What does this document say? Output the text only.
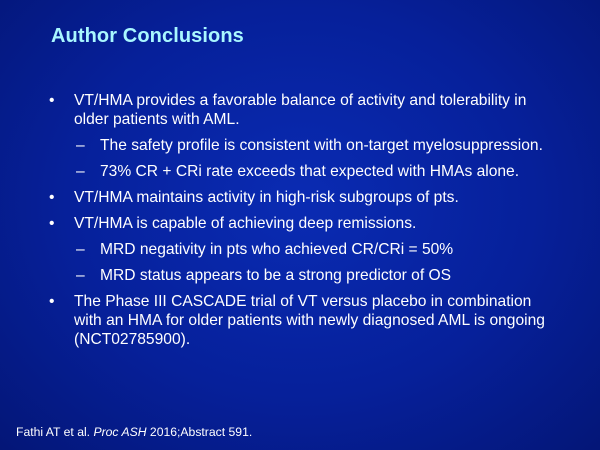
Author Conclusions
• VT/HMA provides a favorable balance of activity and tolerability in older patients with AML.
– The safety profile is consistent with on-target myelosuppression.
– 73% CR + CRi rate exceeds that expected with HMAs alone.
• VT/HMA maintains activity in high-risk subgroups of pts.
• VT/HMA is capable of achieving deep remissions.
– MRD negativity in pts who achieved CR/CRi = 50%
– MRD status appears to be a strong predictor of OS
• The Phase III CASCADE trial of VT versus placebo in combination with an HMA for older patients with newly diagnosed AML is ongoing (NCT02785900).
Fathi AT et al. Proc ASH 2016;Abstract 591.
